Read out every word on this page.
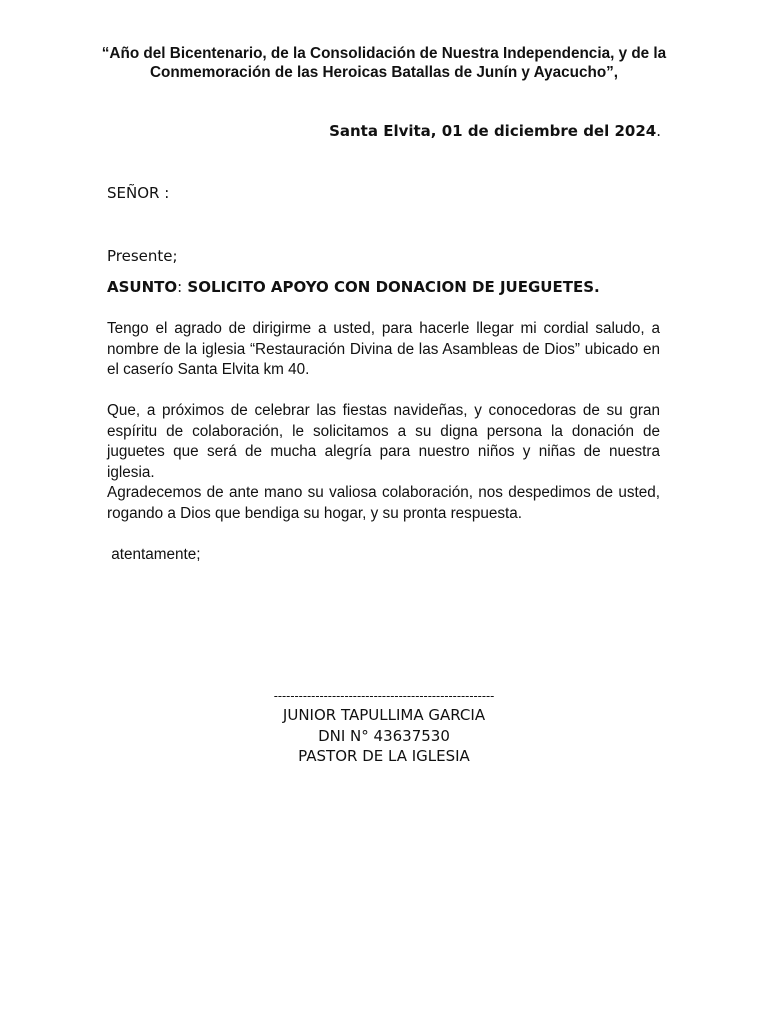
“Año del Bicentenario, de la Consolidación de Nuestra Independencia, y de la Conmemoración de las Heroicas Batallas de Junín y Ayacucho”,
Santa Elvita, 01 de diciembre del 2024.
SEÑOR :
Presente;
ASUNTO: SOLICITO APOYO CON DONACION DE JUEGUETES.

Tengo el agrado de dirigirme a usted, para hacerle llegar mi cordial saludo, a nombre de la iglesia “Restauración Divina de las Asambleas de Dios” ubicado en el caserío Santa Elvita km 40.

Que, a próximos de celebrar las fiestas navideñas, y conocedoras de su gran espíritu de colaboración, le solicitamos a su digna persona la donación de juguetes que será de mucha alegría para nuestro niños y niñas de nuestra iglesia.

Agradecemos de ante mano su valiosa colaboración, nos despedimos de usted, rogando a Dios que bendiga su hogar, y su pronta respuesta.

atentamente;
-----------------------------------------------------
JUNIOR TAPULLIMA GARCIA
DNI N° 43637530
PASTOR DE LA IGLESIA
